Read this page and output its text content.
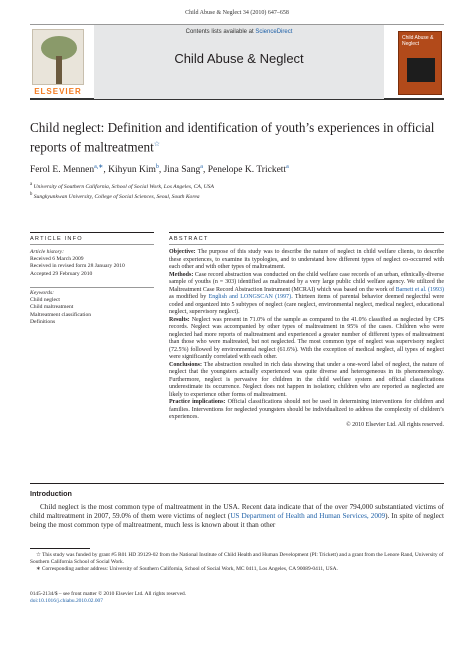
Child Abuse & Neglect 34 (2010) 647–658
ELSEVIER
Contents lists available at ScienceDirect
Child Abuse & Neglect
Child Abuse & Neglect
Child neglect: Definition and identification of youth’s experiences in official reports of maltreatment☆
Ferol E. Mennen$^{a,∗}$, Kihyun Kim$^b$, Jina Sang$^a$, Penelope K. Trickett$^a$
$^a$ University of Southern California, School of Social Work, Los Angeles, CA, USA
$^b$ Sungkyunkwan University, College of Social Sciences, Seoul, South Korea
ARTICLE INFO	ABSTRACT
Article history:
Received 6 March 2009
Received in revised form 28 January 2010
Accepted 29 February 2010
Keywords:
Child neglect
Child maltreatment
Maltreatment classification
Definitions

Objective: The purpose of this study was to describe the nature of neglect in child welfare clients, to describe these experiences, to examine its typologies, and to understand how different types of neglect co-occurred with each other and with other types of maltreatment.

Methods: Case record abstraction was conducted on the child welfare case records of an urban, ethnically-diverse sample of youths (n = 303) identified as maltreated by a very large public child welfare agency. We utilized the Maltreatment Case Record Abstraction Instrument (MCRAI) which was based on the work of Barnett et al. (1993) as modified by English and LONGSCAN (1997). Thirteen items of parental behavior deemed neglectful were coded and organized into 5 subtypes of neglect (care neglect, environmental neglect, medical neglect, educational neglect, supervisory neglect).

Results: Neglect was present in 71.0% of the sample as compared to the 41.0% classified as neglected by CPS records. Neglect was accompanied by other types of maltreatment in 95% of the cases. Children who were neglected had more reports of maltreatment and experienced a greater number of different types of maltreatment than those who were maltreated, but not neglected. The most common type of neglect was supervisory neglect (72.5%) followed by environmental neglect (61.6%). With the exception of medical neglect, all types of neglect were significantly correlated with each other.

Conclusions: The abstraction resulted in rich data showing that under a one-word label of neglect, the nature of neglect that the youngsters actually experienced was quite diverse and heterogeneous in its phenomenology. Furthermore, neglect is pervasive for children in the child welfare system and official classifications underestimate its occurrence. Neglect does not happen in isolation; children who are reported as neglected are likely to experience other forms of maltreatment.

Practice implications: Official classifications should not be used in determining interventions for children and families. Interventions for neglected youngsters should be individualized to address the complexity of children’s experiences.

© 2010 Elsevier Ltd. All rights reserved.

Introduction
Child neglect is the most common type of maltreatment in the USA. Recent data indicate that of the over 794,000 substantiated victims of child maltreatment in 2007, 59.0% of them were victims of neglect (US Department of Health and Human Services, 2009). In spite of neglect being the most common type of maltreatment, much less is known about it than other

☆ This study was funded by grant #5 R01 HD 39129-02 from the National Institute of Child Health and Human Development (PI: Trickett) and a grant from the Lenore Rand, University of Southern California School of Social Work.

∗ Corresponding author address: University of Southern California, School of Social Work, MC 0411, Los Angeles, CA 90089-0411, USA.

0145-2134/$ – see front matter © 2010 Elsevier Ltd. All rights reserved.
doi:10.1016/j.chiabu.2010.02.007
